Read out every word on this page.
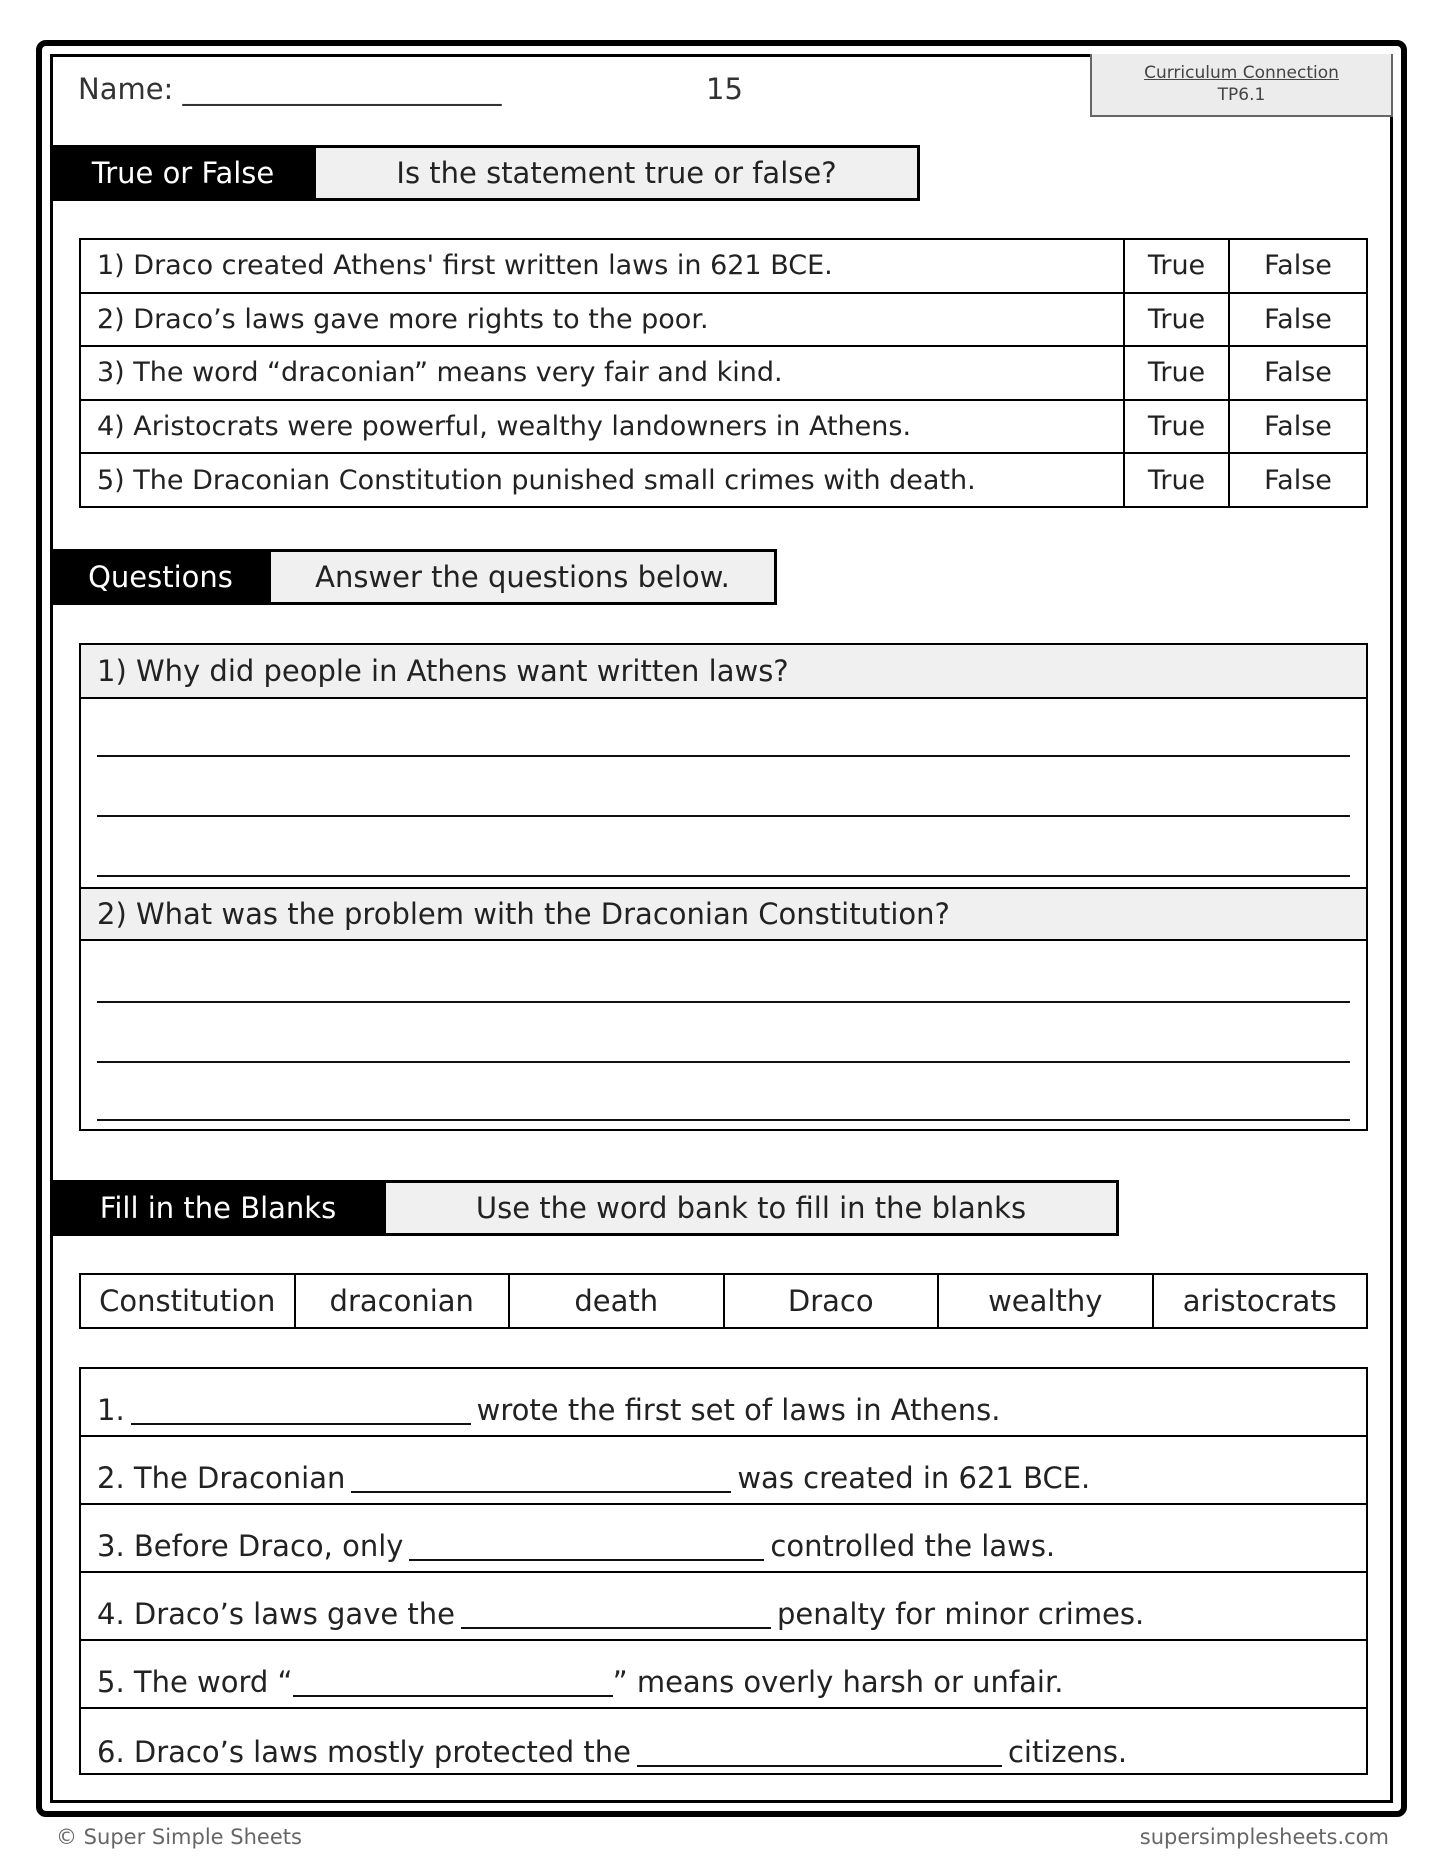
Name: ______________________	15	Curriculum Connection
TP6.1
True or False	Is the statement true or false?
1) Draco created Athens' first written laws in 621 BCE.	True	False
2) Draco’s laws gave more rights to the poor.	True	False
3) The word “draconian” means very fair and kind.	True	False
4) Aristocrats were powerful, wealthy landowners in Athens.	True	False
5) The Draconian Constitution punished small crimes with death.	True	False
Questions	Answer the questions below.
1) Why did people in Athens want written laws?
2) What was the problem with the Draconian Constitution?
Fill in the Blanks	Use the word bank to fill in the blanks
Constitution	draconian	death	Draco	wealthy	aristocrats
1.	wrote the first set of laws in Athens.
2. The Draconian	was created in 621 BCE.
3. Before Draco, only	controlled the laws.
4. Draco’s laws gave the	penalty for minor crimes.
5. The word “	” means overly harsh or unfair.
6. Draco’s laws mostly protected the	citizens.
© Super Simple Sheets	supersimplesheets.com
